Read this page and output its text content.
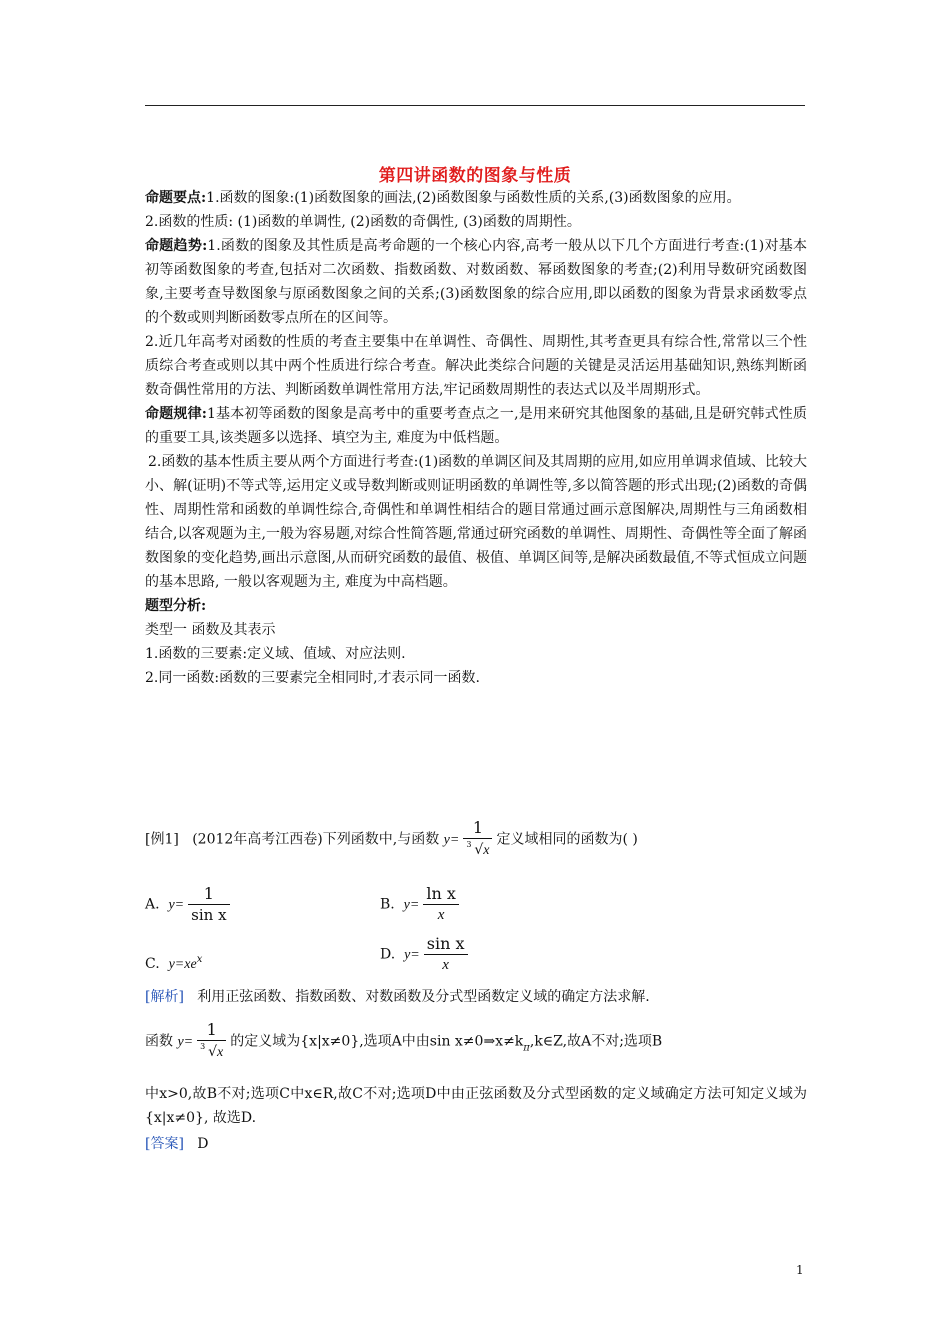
第四讲函数的图象与性质

命题要点:1.函数的图象:(1)函数图象的画法,(2)函数图象与函数性质的关系,(3)函数图象的应用。

2.函数的性质: (1)函数的单调性, (2)函数的奇偶性, (3)函数的周期性。

命题趋势:1.函数的图象及其性质是高考命题的一个核心内容,高考一般从以下几个方面进行考查:(1)对基本初等函数图象的考查,包括对二次函数、指数函数、对数函数、幂函数图象的考查;(2)利用导数研究函数图象,主要考查导数图象与原函数图象之间的关系;(3)函数图象的综合应用,即以函数的图象为背景求函数零点的个数或则判断函数零点所在的区间等。

2.近几年高考对函数的性质的考查主要集中在单调性、奇偶性、周期性,其考查更具有综合性,常常以三个性质综合考查或则以其中两个性质进行综合考查。解决此类综合问题的关键是灵活运用基础知识,熟练判断函数奇偶性常用的方法、判断函数单调性常用方法,牢记函数周期性的表达式以及半周期形式。

命题规律:1基本初等函数的图象是高考中的重要考查点之一,是用来研究其他图象的基础,且是研究韩式性质的重要工具,该类题多以选择、填空为主, 难度为中低档题。

2.函数的基本性质主要从两个方面进行考查:(1)函数的单调区间及其周期的应用,如应用单调求值域、比较大小、解(证明)不等式等,运用定义或导数判断或则证明函数的单调性等,多以简答题的形式出现;(2)函数的奇偶性、周期性常和函数的单调性综合,奇偶性和单调性相结合的题目常通过画示意图解决,周期性与三角函数相结合,以客观题为主,一般为容易题,对综合性简答题,常通过研究函数的单调性、周期性、奇偶性等全面了解函数图象的变化趋势,画出示意图,从而研究函数的最值、极值、单调区间等,是解决函数最值,不等式恒成立问题的基本思路, 一般以客观题为主, 难度为中高档题。

题型分析:

类型一 函数及其表示

1.函数的三要素:定义域、值域、对应法则.

2.同一函数:函数的三要素完全相同时,才表示同一函数.

[例1] (2012年高考江西卷)下列函数中,与函数 $y= \frac{1}{3 √x}$ 定义域相同的函数为( )
A. $y= \frac{1}{\text{sin x}}$	B. $y= \frac{\text{ln x}}{x}$
C. $y=xe^x$	D. $y= \frac{\text{sin x}}{x}$
[解析] 利用正弦函数、指数函数、对数函数及分式型函数定义域的确定方法求解.
函数 $y= \frac{1}{3 √x}$ 的定义域为{x|x≠0},选项A中由$\sin x\ne 0\Rightarrow x\ne k_\pi,k\in Z$,故A不对;选项B
中x>0,故B不对;选项C中x∈R,故C不对;选项D中由正弦函数及分式型函数的定义域确定方法可知定义域为{x|x≠0}, 故选D.
[答案] D
1
